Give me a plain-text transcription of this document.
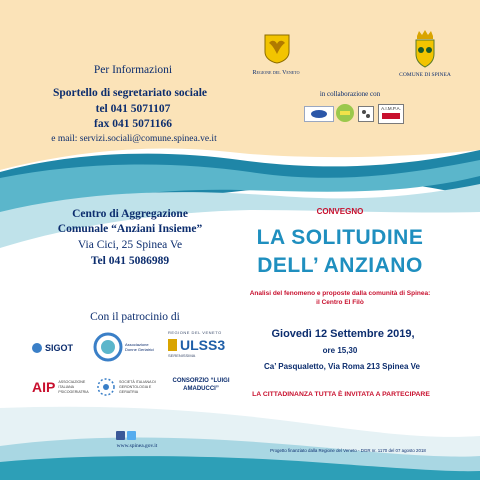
Per Informazioni
Sportello di segretariato sociale
tel 041 5071107
fax 041 5071166
e mail: servizi.sociali@comune.spinea.ve.it
Regione del Veneto	COMUNE DI SPINEA
in collaborazione con
A.I.M.P.A.
Centro di Aggregazione
Comunale “Anziani Insieme”
Via Cici, 25 Spinea Ve
Tel 041 5086989
Con il patrocinio di
SIGOT	Associazione Donne Geriatrici
REGIONE DEL VENETO
ULSS3
SERENISSIMA
AIP ASSOCIAZIONE ITALIANA PSICOGERIATRIA
SOCIETÀ ITALIANA DI GERONTOLOGIA E GERIATRIA
CONSORZIO “LUIGI AMADUCCI”
CONVEGNO
LA SOLITUDINE
DELL’ ANZIANO
Analisi del fenomeno e proposte dalla comunità di Spinea:
il Centro El Filò
Giovedì 12 Settembre 2019,
ore 15,30
Ca’ Pasqualetto, Via Roma 213 Spinea Ve
LA CITTADINANZA TUTTA È INVITATA A PARTECIPARE
www.spinea.gov.it
Progetto finanziato dalla Regione del Veneto - DGR nr. 1170 del 07 agosto 2018
